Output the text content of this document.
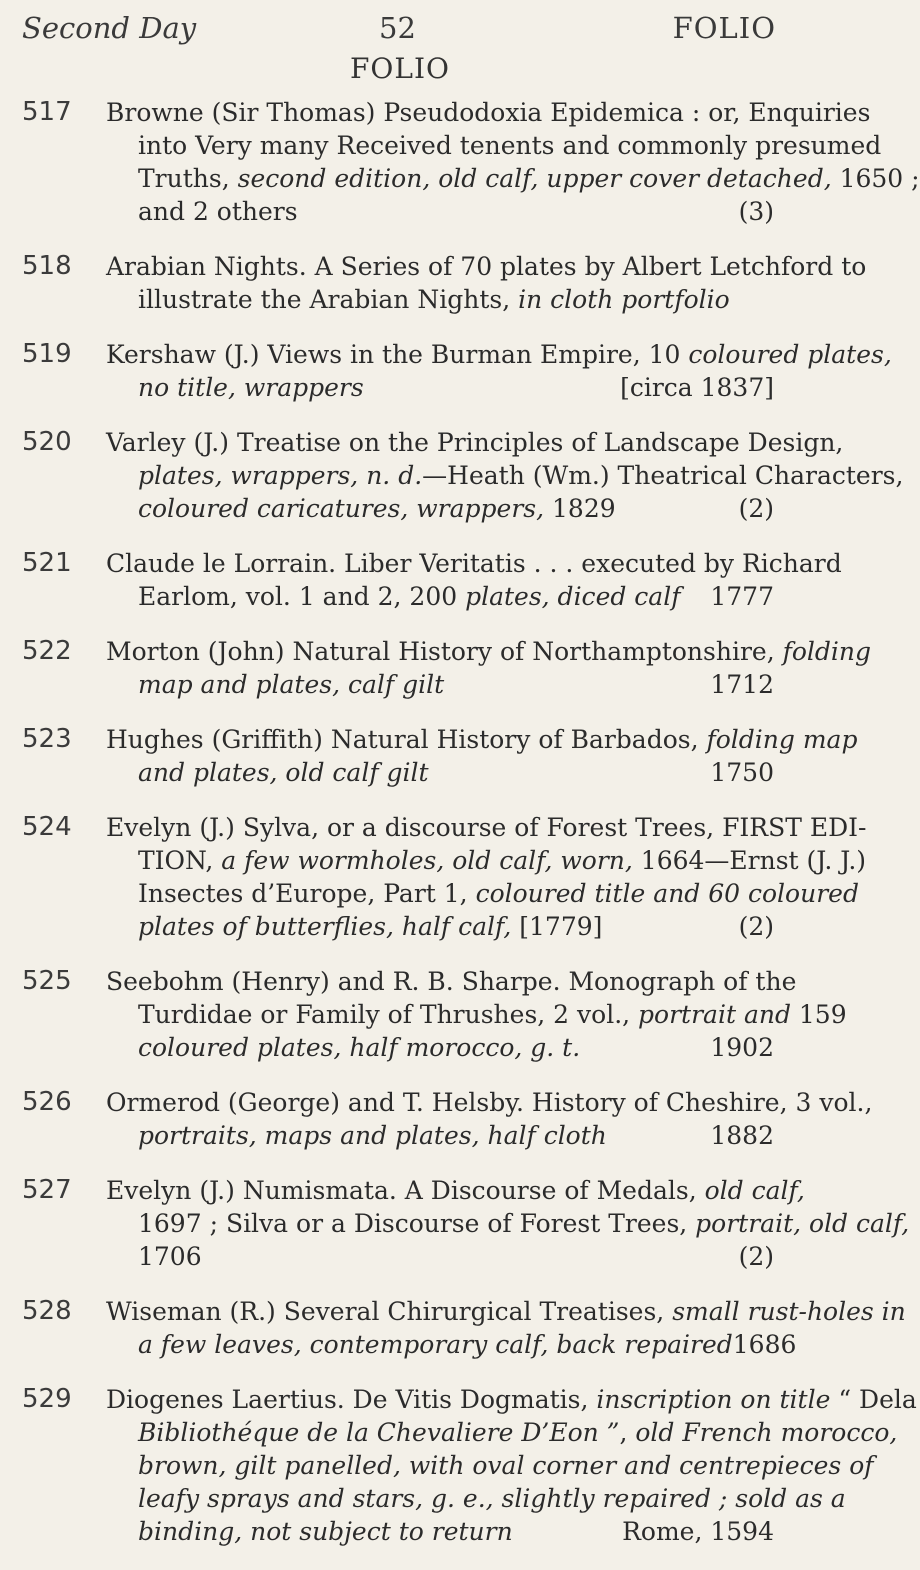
Second Day	52	FOLIO
FOLIO
517 Browne (Sir Thomas) Pseudodoxia Epidemica : or, Enquiries
into Very many Received tenents and commonly presumed
Truths, second edition, old calf, upper cover detached, 1650 ;
and 2 others	(3)
518 Arabian Nights. A Series of 70 plates by Albert Letchford to
illustrate the Arabian Nights, in cloth portfolio
519 Kershaw (J.) Views in the Burman Empire, 10 coloured plates,
no title, wrappers	[circa 1837]
520 Varley (J.) Treatise on the Principles of Landscape Design,
plates, wrappers, n. d.—Heath (Wm.) Theatrical Characters,
coloured caricatures, wrappers, 1829	(2)
521 Claude le Lorrain. Liber Veritatis . . . executed by Richard
Earlom, vol. 1 and 2, 200 plates, diced calf 1777
522 Morton (John) Natural History of Northamptonshire, folding
map and plates, calf gilt	1712
523 Hughes (Griffith) Natural History of Barbados, folding map
and plates, old calf gilt	1750
524 Evelyn (J.) Sylva, or a discourse of Forest Trees, FIRST EDI-
TION, a few wormholes, old calf, worn, 1664—Ernst (J. J.)
Insectes d’Europe, Part 1, coloured title and 60 coloured
plates of butterflies, half calf, [1779]	(2)
525 Seebohm (Henry) and R. B. Sharpe. Monograph of the
Turdidae or Family of Thrushes, 2 vol., portrait and 159
coloured plates, half morocco, g. t.	1902
526 Ormerod (George) and T. Helsby. History of Cheshire, 3 vol.,
portraits, maps and plates, half cloth	1882
527 Evelyn (J.) Numismata. A Discourse of Medals, old calf,
1697 ; Silva or a Discourse of Forest Trees, portrait, old calf,
1706	(2)
528 Wiseman (R.) Several Chirurgical Treatises, small rust-holes in
a few leaves, contemporary calf, back repaired 1686
529 Diogenes Laertius. De Vitis Dogmatis, inscription on title “ Dela
Bibliothéque de la Chevaliere D’Eon ”, old French morocco,
brown, gilt panelled, with oval corner and centrepieces of
leafy sprays and stars, g. e., slightly repaired ; sold as a
binding, not subject to return	Rome, 1594
